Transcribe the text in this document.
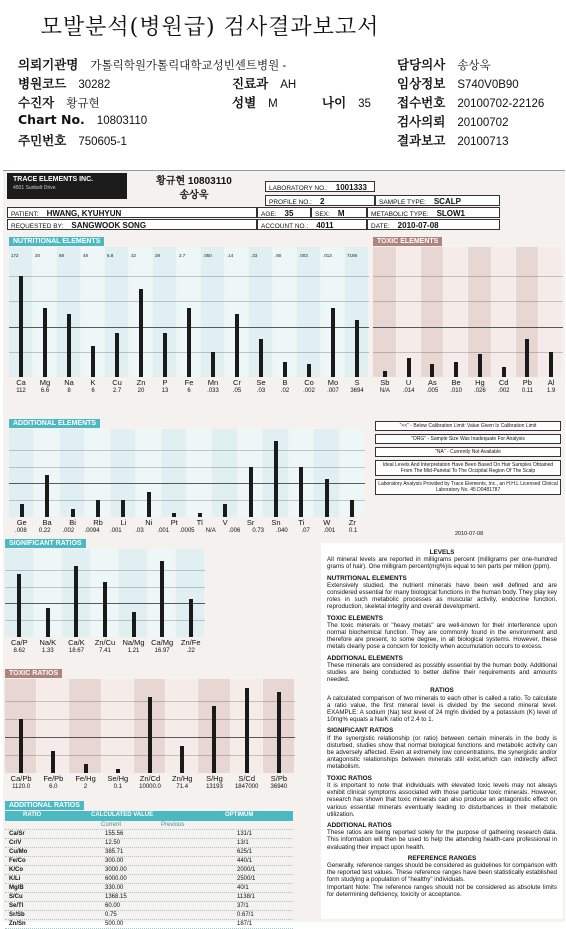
모발분석(병원급) 검사결과보고서
의뢰기관명 가톨릭학원가톨릭대학교성빈센트병원 -
병원코드 30282
수진자 황규현
Chart No. 10803110
주민번호 750605-1
진료과 AH
성별 M
담당의사 송상욱
임상정보 S740V0B90
접수번호 20100702-22126
검사의뢰 20100702
결과보고 20100713
나이 35
TRACE ELEMENTS INC.
4501 Sunbelt Drive
황규현 10803110
송상욱
LABORATORY NO.: 1001333
PROFILE NO.: 2	SAMPLE TYPE: SCALP
PATIENT: HWANG, KYUHYUN	AGE: 35	SEX: M	METABOLIC TYPE: SLOW1
REQUESTED BY: SANGWOOK SONG	ACCOUNT NO.: 4011	DATE: 2010-07-08
NUTRITIONAL ELEMENTS	TOXIC ELEMENTS
ADDITIONAL ELEMENTS
SIGNIFICANT RATIOS
TOXIC RATIOS
ADDITIONAL RATIOS
172	20	68	48	6.8	32	29	2.7	.050	.14	.33	.80	.003	.013	7198
Ca	Mg	Na	K	Cu	Zn	P	Fe	Mn	Cr	Se	B	Co	Mo	S
112	6.6	8	6	2.7	20	13	6	.033	.05	.03	.02	.002	.007	3694
Sb	U	As	Be	Hg	Cd	Pb	Al
N/A	.014	.005	.010	.026	.002	0.11	1.9
Ge	Ba	Bi	Rb	Li	Ni	Pt	Tl	V	Sr	Sn	Ti	W	Zr
.008	0.22	.002	.0094	.001	.03	.001	.0005	N/A	.006	0.73	.040	.07	.001	0.1
Ca/P	Na/K	Ca/K	Zn/Cu Na/Mg Ca/Mg Zn/Fe
8.62	1.33	18.67	7.41	1.21	16.97	.22
Ca/Pb Fe/Pb Fe/Hg Se/Hg Zn/Cd Zn/Hg	S/Hg	S/Cd	S/Pb
1120.0	6.0	2	0.1	10000.0	71.4	13193	1847000	36940
"<<" - Below Calibration Limit: Value Given Is Calibration Limit
"ORG" - Sample Size Was Inadequate For Analysis
"NA" - Currently Not Available
Ideal Levels And Interpretation Have Been Based On Hair Samples Obtained From The Mid-Parietal To The Occipital Region Of The Scalp
Laboratory Analysis Provided by Trace Elements, Inc., an H.H.L Licensed Clinical Laboratory No. 45 D0481787
2010-07-08
RATIO	CALCULATED VALUE	OPTIMUM
Current	Previous
Ca/Sr	155.56	131/1
Cr/V	12.50	13/1
Cu/Mo	385.71	625/1
Fe/Co	300.00	440/1
K/Co	3000.00	2000/1
K/Li	6000.00	2500/1
Mg/B	330.00	40/1
S/Cu	1368.15	1138/1
Se/Tl	60.00	37/1
Sr/Sb	0.75	0.67/1
Zn/Sn	500.00	187/1
LEVELS

All mineral levels are reported in milligrams percent (milligrams per one-hundred grams of hair). One milligram percent(mg%)is equal to ten parts per million (ppm).

NUTRITIONAL ELEMENTS

Extensively studied, the nutrient minerals have been well defined and are considered essential for many biological functions in the human body. They play key roles in such metabolic processes as muscular activity, endocrine function, reproduction, skeletal integrity and overall development.

TOXIC ELEMENTS

The toxic minerals or "heavy metals" are well-known for their interference upon normal biochemical function. They are commonly found in the environment and therefore are present, to some degree, in all biological systems. However, these metals clearly pose a concern for toxicity when accumulation occurs to excess.

ADDITIONAL ELEMENTS

These minerals are considered as possibly essential by the human body. Additional studies are being conducted to better define their requirements and amounts needed.

RATIOS

A calculated comparison of two minerals to each other is called a ratio. To calculate a ratio value, the first mineral level is divided by the second mineral level. EXAMPLE: A sodium (Na) test level of 24 mg% divided by a potassium (K) level of 10mg% equals a Na/K ratio of 2.4 to 1.

SIGNIFICANT RATIOS

If the synergistic relationship (or ratio) between certain minerals in the body is disturbed, studies show that normal biological functions and metabolic activity can be adversely affected. Even at extremely low concentrations, the synergistic and/or antagonistic relationships between minerals still exist,which can indirectly affect metabolism.

TOXIC RATIOS

It is important to note that individuals with elevated toxic levels may not always exhibit clinical symptoms associated with those particular toxic minerals. However, research has shown that toxic minerals can also produce an antagonistic effect on various essential minerals eventually leading to disturbances in their metabolic utilization.

ADDITIONAL RATIOS

These ratios are being reported solely for the purpose of gathering research data. This information will then be used to help the attending health-care professional in evaluating their impact upon health.

REFERENCE RANGES

Generally, reference ranges should be considered as guidelines for comparison with the reported test values. These reference ranges have been statistically established form studying a population of "healthy" individuals.

Important Note: The reference ranges should not be considered as absolute limits for determining deficiency, toxicity or acceptance.
